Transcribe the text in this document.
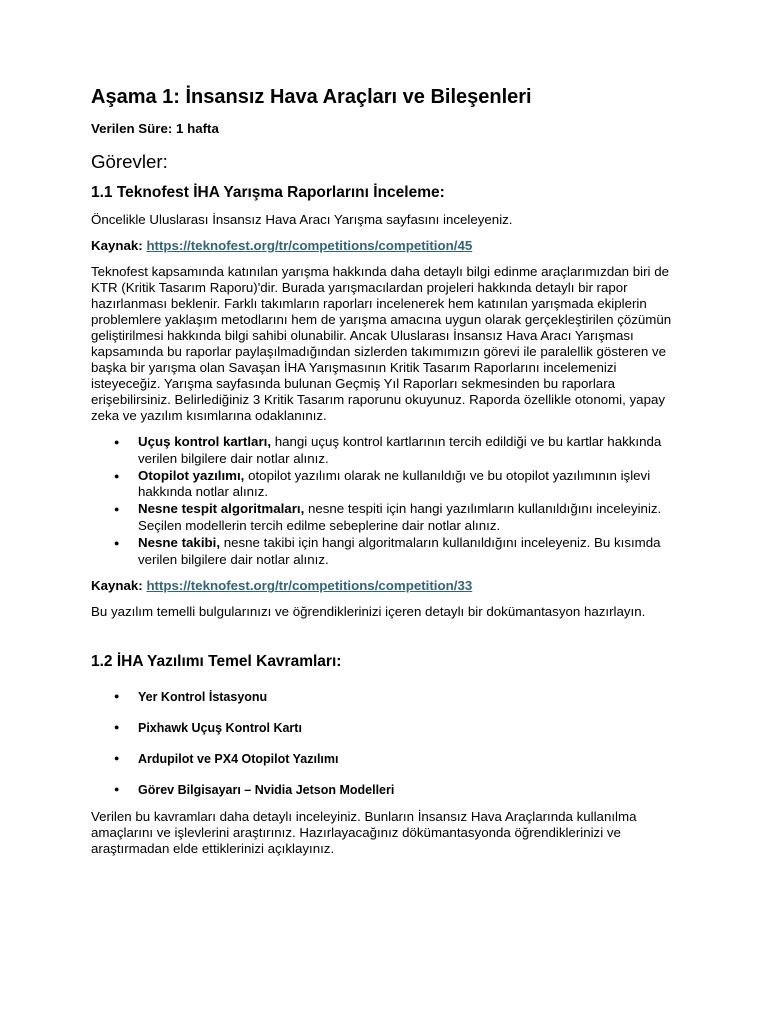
Aşama 1: İnsansız Hava Araçları ve Bileşenleri
Verilen Süre: 1 hafta
Görevler:
1.1 Teknofest İHA Yarışma Raporlarını İnceleme:

Öncelikle Uluslarası İnsansız Hava Aracı Yarışma sayfasını inceleyeniz.

Kaynak: https://teknofest.org/tr/competitions/competition/45

Teknofest kapsamında katınılan yarışma hakkında daha detaylı bilgi edinme araçlarımızdan biri de KTR (Kritik Tasarım Raporu)'dir. Burada yarışmacılardan projeleri hakkında detaylı bir rapor hazırlanması beklenir. Farklı takımların raporları incelenerek hem katınılan yarışmada ekiplerin problemlere yaklaşım metodlarını hem de yarışma amacına uygun olarak gerçekleştirilen çözümün geliştirilmesi hakkında bilgi sahibi olunabilir. Ancak Uluslarası İnsansız Hava Aracı Yarışması kapsamında bu raporlar paylaşılmadığından sizlerden takımımızın görevi ile paralellik gösteren ve başka bir yarışma olan Savaşan İHA Yarışmasının Kritik Tasarım Raporlarını incelemenizi isteyeceğiz. Yarışma sayfasında bulunan Geçmiş Yıl Raporları sekmesinden bu raporlara erişebilirsiniz. Belirlediğiniz 3 Kritik Tasarım raporunu okuyunuz. Raporda özellikle otonomi, yapay zeka ve yazılım kısımlarına odaklanınız.

● Uçuş kontrol kartları, hangi uçuş kontrol kartlarının tercih edildiği ve bu kartlar hakkında verilen bilgilere dair notlar alınız.
● Otopilot yazılımı, otopilot yazılımı olarak ne kullanıldığı ve bu otopilot yazılımının işlevi hakkında notlar alınız.
● Nesne tespit algoritmaları, nesne tespiti için hangi yazılımların kullanıldığını inceleyiniz. Seçilen modellerin tercih edilme sebeplerine dair notlar alınız.
● Nesne takibi, nesne takibi için hangi algoritmaların kullanıldığını inceleyeniz. Bu kısımda verilen bilgilere dair notlar alınız.

Kaynak: https://teknofest.org/tr/competitions/competition/33

Bu yazılım temelli bulgularınızı ve öğrendiklerinizi içeren detaylı bir dokümantasyon hazırlayın.

1.2 İHA Yazılımı Temel Kavramları:
● Yer Kontrol İstasyonu
● Pixhawk Uçuş Kontrol Kartı
● Ardupilot ve PX4 Otopilot Yazılımı
● Görev Bilgisayarı – Nvidia Jetson Modelleri

Verilen bu kavramları daha detaylı inceleyiniz. Bunların İnsansız Hava Araçlarında kullanılma amaçlarını ve işlevlerini araştırınız. Hazırlayacağınız dökümantasyonda öğrendiklerinizi ve araştırmadan elde ettiklerinizi açıklayınız.
